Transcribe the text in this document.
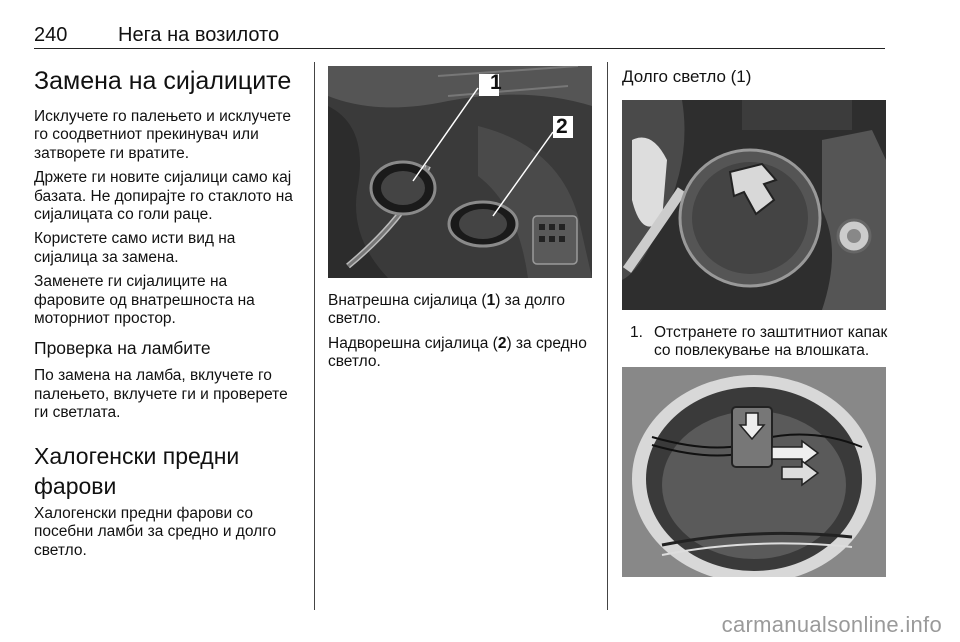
240	Нега на возилото
Замена на сијалиците

Исклучете го палењето и исклучете го соодветниот прекинувач или затворете ги вратите.

Држете ги новите сијалици само кај базата. Не допирајте го стаклото на сијалицата со голи раце.

Користете само исти вид на сијалица за замена.

Заменете ги сијалиците на фаровите од внатрешноста на моторниот простор.

Проверка на ламбите

По замена на ламба, вклучете го палењето, вклучете ги и проверете ги светлата.

Халогенски предни фарови

Халогенски предни фарови со посебни ламби за средно и долго светло.

1
2

Внатрешна сијалица (1) за долго светло.

Надворешна сијалица (2) за средно светло.

Долго светло (1)
1. Отстранете го заштитниот капак со повлекување на влошката.
carmanualsonline.info
